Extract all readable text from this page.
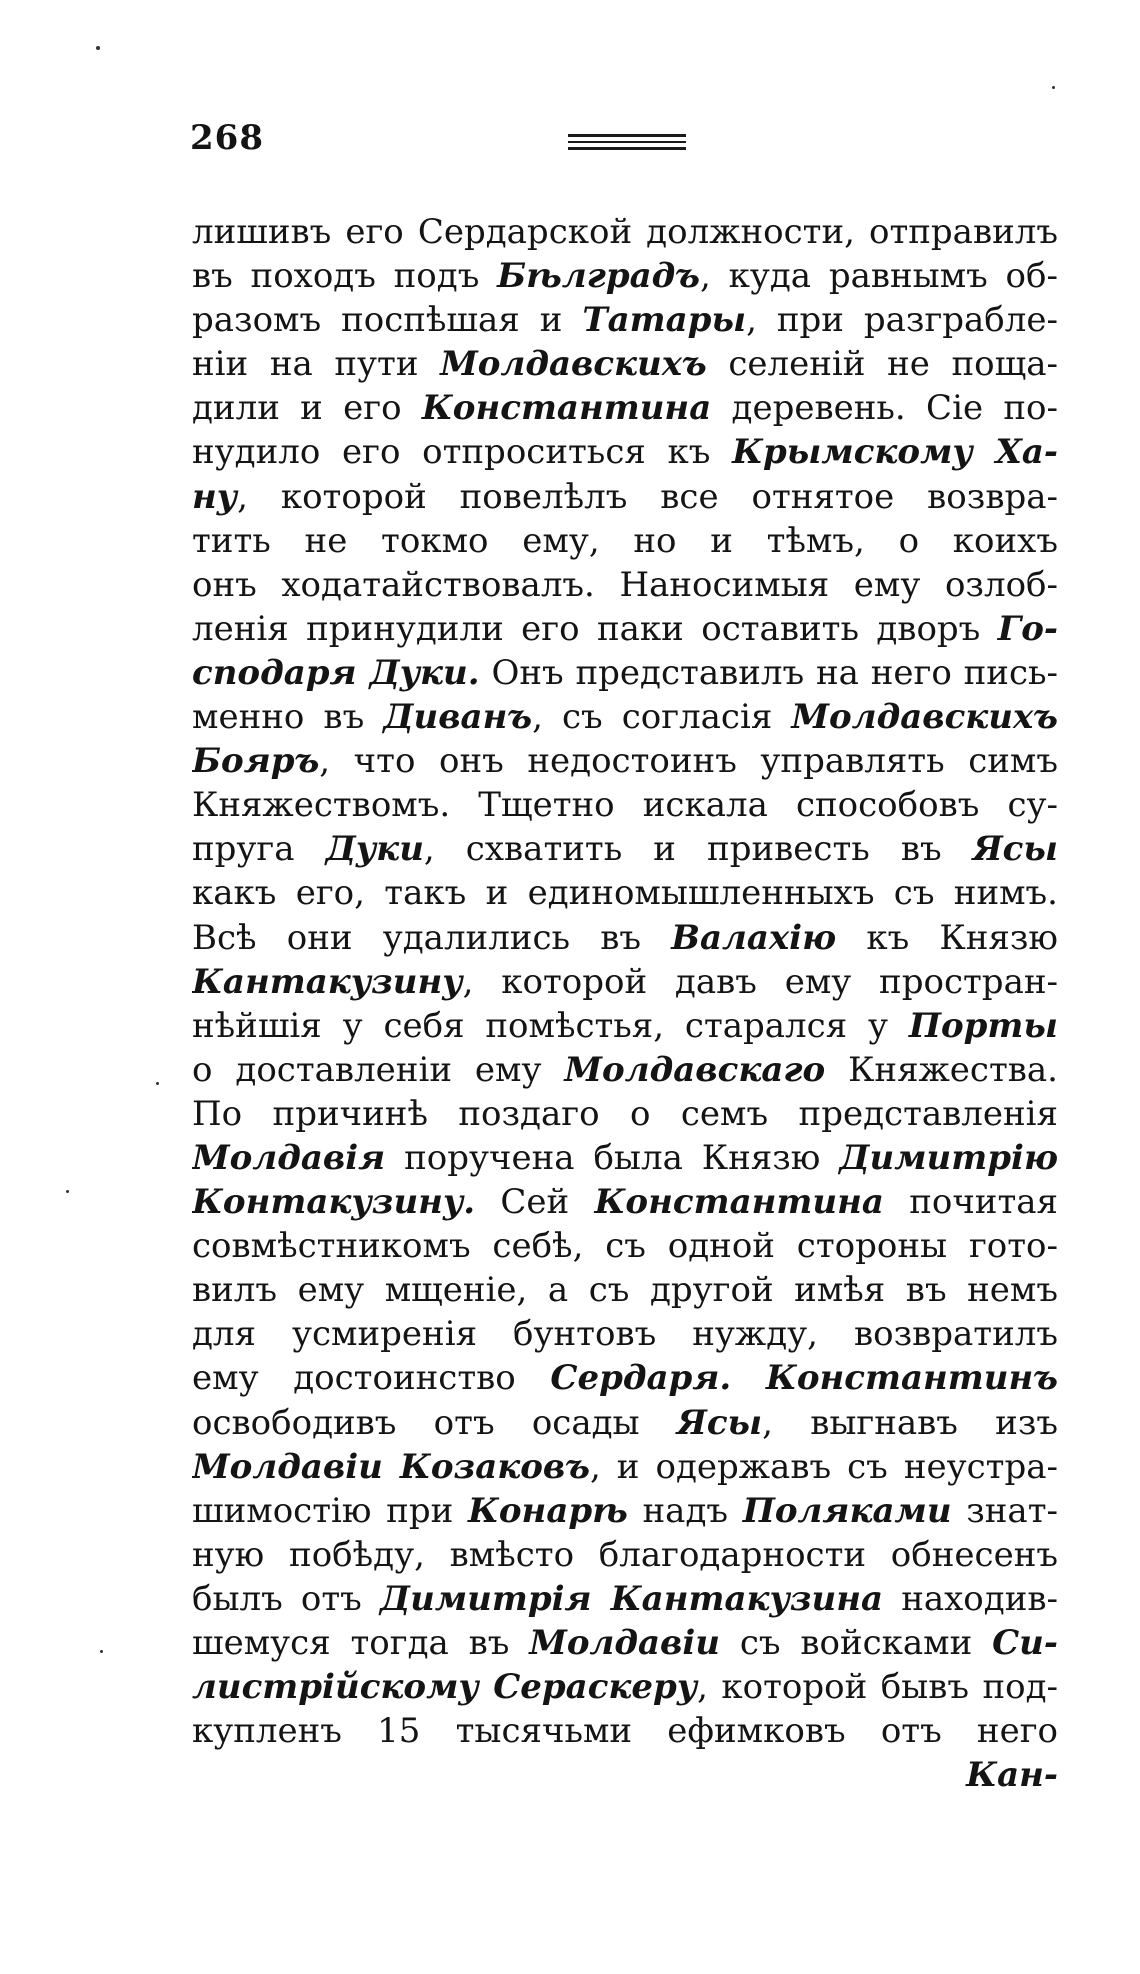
268
лишивъ его Сердарской должности, отправилъ
въ походъ подъ Бѣлградъ, куда равнымъ об-
разомъ поспѣшая и Татары, при разграбле-
нiи на пути Молдавскихъ селенiй не поща-
дили и его Константина деревень. Сiе по-
нудило его отпроситься къ Крымскому Ха-
ну, которой повелѣлъ все отнятое возвра-
тить не токмо ему, но и тѣмъ, о коихъ
онъ ходатайствовалъ. Наносимыя ему озлоб-
ленiя принудили его паки оставить дворъ Го-
сподаря Дуки. Онъ представилъ на него пись-
менно въ Диванъ, съ согласiя Молдавскихъ
Бояръ, что онъ недостоинъ управлять симъ
Княжествомъ. Тщетно искала способовъ су-
пруга Дуки, схватить и привесть въ Ясы
какъ его, такъ и единомышленныхъ съ нимъ.
Всѣ они удалились въ Валахiю къ Князю
Кантакузину, которой давъ ему простран-
нѣйшiя у себя помѣстья, старался у Порты
о доставленiи ему Молдавскаго Княжества.
По причинѣ поздаго о семъ представленiя
Молдавiя поручена была Князю Димитрiю
Контакузину. Сей Константина почитая
совмѣстникомъ себѣ, съ одной стороны гото-
вилъ ему мщенiе, а съ другой имѣя въ немъ
для усмиренiя бунтовъ нужду, возвратилъ
ему достоинство Сердаря. Константинъ
освободивъ отъ осады Ясы, выгнавъ изъ
Молдавiи Козаковъ, и одержавъ съ неустра-
шимостiю при Конарѣ надъ Поляками знат-
ную побѣду, вмѣсто благодарности обнесенъ
былъ отъ Димитрiя Кантакузина находив-
шемуся тогда въ Молдавiи съ войсками Си-
листрiйскому Сераскеру, которой бывъ под-
купленъ 15 тысячьми ефимковъ отъ него
Кан-
